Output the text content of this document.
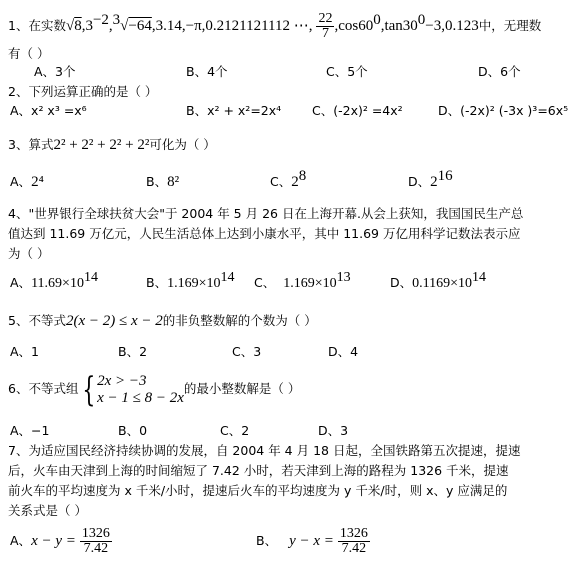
1、在实数$√8,3^{-2},^3√-64,3.14,-\pi,0.2121121112$ ⋯, $\frac{22}{7} ,\cos 60^0,\tan 30^0-3,0.123$中，无理数
有（ ）
A、3个	B、4个	C、5个	D、6个
2、下列运算正确的是（ ）
A、x² x³ =x⁶	B、x² + x²=2x⁴ C、(-2x)² =4x²	D、(-2x)² (-3x )³=6x⁵
3、算式2² + 2² + 2² + 2²可化为（ ）
A、2⁴	B、8²	C、$2^8$	D、$2^{16}$
4、"世界银行全球扶贫大会"于 2004 年 5 月 26 日在上海开幕.从会上获知，我国国民生产总
值达到 11.69 万亿元，人民生活总体上达到小康水平，其中 11.69 万亿用科学记数法表示应
为（ ）
A、$11.69\times 10^{14}$	B、$1.169\times 10^{14}$ C、 $1.169\times 10^{13}$	D、$0.1169\times 10^{14}$
5、不等式2(x − 2) ≤ x − 2的非负整数解的个数为（ ）
A、1	B、2	C、3	D、4
6、不等式组 { 2x > −3
x − 1 ≤ 8 − 2x
的最小整数解是（ ）
A、−1	B、0	C、2	D、3
7、为适应国民经济持续协调的发展，自 2004 年 4 月 18 日起，全国铁路第五次提速，提速
后，火车由天津到上海的时间缩短了 7.42 小时，若天津到上海的路程为 1326 千米，提速
前火车的平均速度为 x 千米/小时，提速后火车的平均速度为 y 千米/时，则 x、y 应满足的
关系式是（ ）
A、$x - y = \frac{1326}{7.42}$	B、 $y - x = \frac{1326}{7.42}$
